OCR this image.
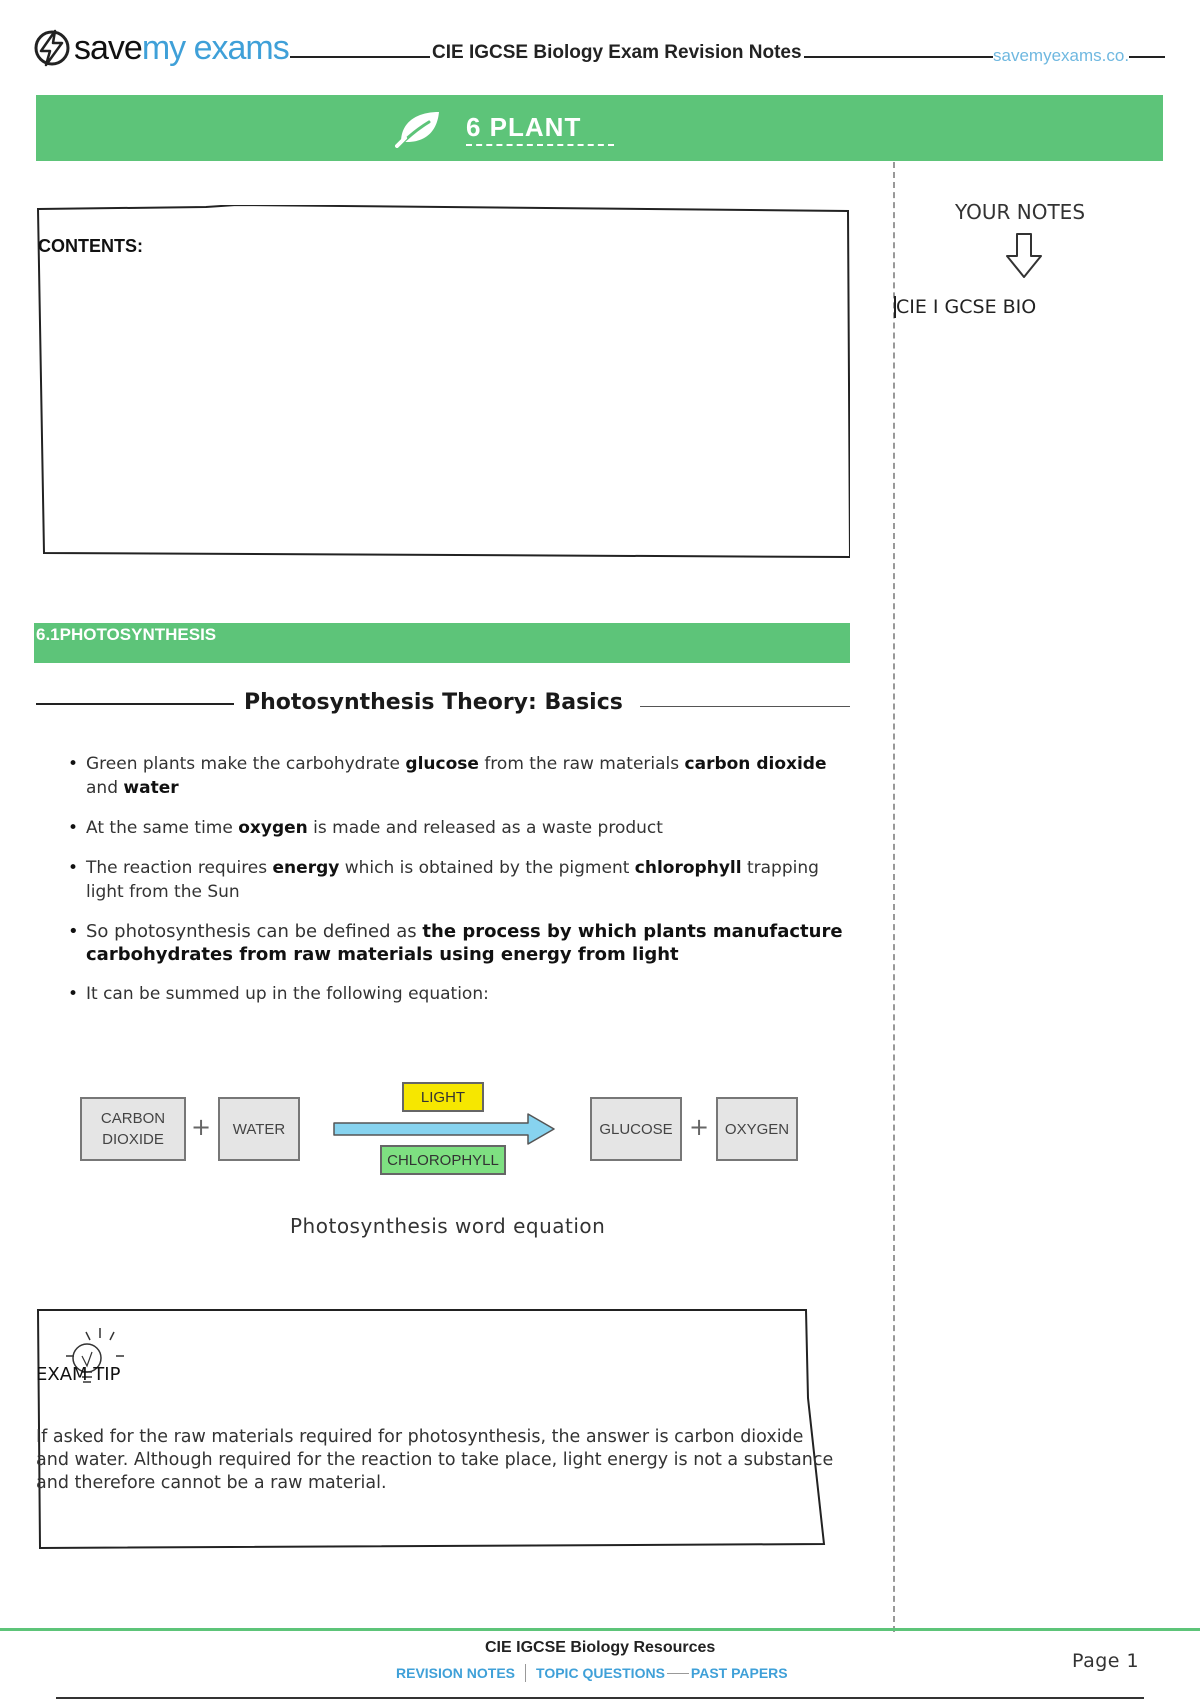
save my exams	CIE IGCSE Biology Exam Revision Notes	savemyexams.co.
6 PLANT
YOUR NOTES
CIE I GCSE BIO
CONTENTS:
6.1PHOTOSYNTHESIS
Photosynthesis Theory: Basics
• Green plants make the carbohydrate glucose from the raw materials carbon dioxide and water
• At the same time oxygen is made and released as a waste product
• The reaction requires energy which is obtained by the pigment chlorophyll trapping light from the Sun
• So photosynthesis can be defined as the process by which plants manufacture carbohydrates from raw materials using energy from light
• It can be summed up in the following equation:
CARBON DIOXIDE	+	WATER
LIGHT
CHLOROPHYLL
GLUCOSE +	OXYGEN
Photosynthesis word equation
EXAM TIP
If asked for the raw materials required for photosynthesis, the answer is carbon dioxide and water. Although required for the reaction to take place, light energy is not a substance and therefore cannot be a raw material.
CIE IGCSE Biology Resources
REVISION NOTES TOPIC QUESTIONS PAST PAPERS
Page 1
